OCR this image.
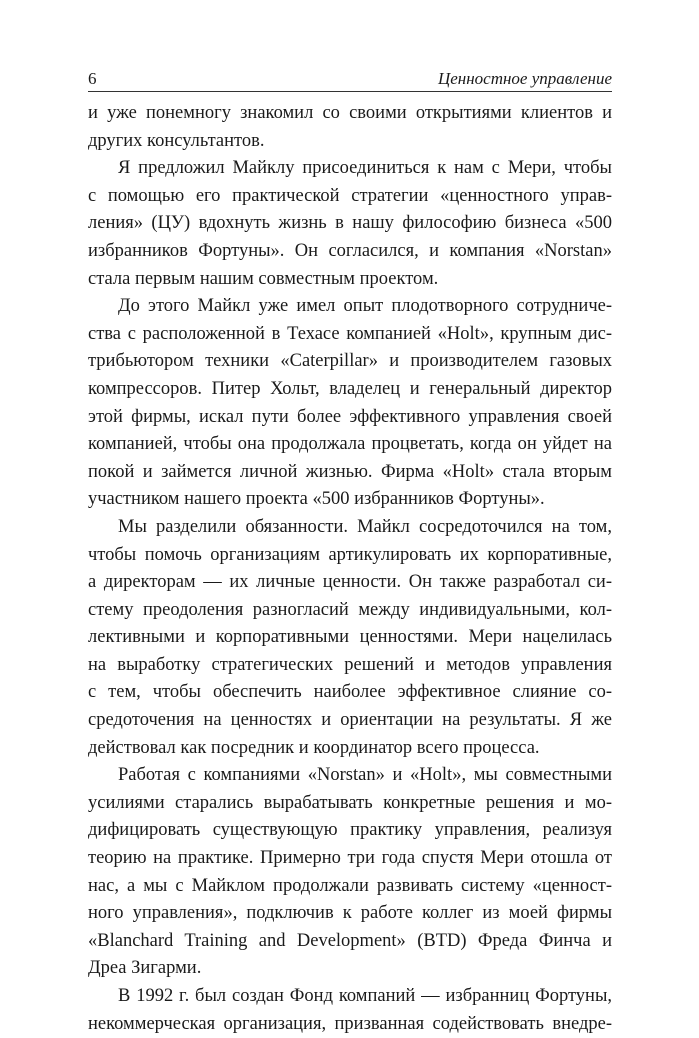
6	Ценностное управление
и уже понемногу знакомил со своими открытиями клиентов и
других консультантов.
Я предложил Майклу присоединиться к нам с Мери, чтобы
с помощью его практической стратегии «ценностного управ-
ления» (ЦУ) вдохнуть жизнь в нашу философию бизнеса «500
избранников Фортуны». Он согласился, и компания «Norstan»
стала первым нашим совместным проектом.
До этого Майкл уже имел опыт плодотворного сотрудниче-
ства с расположенной в Техасе компанией «Holt», крупным дис-
трибьютором техники «Caterpillar» и производителем газовых
компрессоров. Питер Хольт, владелец и генеральный директор
этой фирмы, искал пути более эффективного управления своей
компанией, чтобы она продолжала процветать, когда он уйдет на
покой и займется личной жизнью. Фирма «Holt» стала вторым
участником нашего проекта «500 избранников Фортуны».
Мы разделили обязанности. Майкл сосредоточился на том,
чтобы помочь организациям артикулировать их корпоративные,
а директорам — их личные ценности. Он также разработал си-
стему преодоления разногласий между индивидуальными, кол-
лективными и корпоративными ценностями. Мери нацелилась
на выработку стратегических решений и методов управления
с тем, чтобы обеспечить наиболее эффективное слияние со-
средоточения на ценностях и ориентации на результаты. Я же
действовал как посредник и координатор всего процесса.
Работая с компаниями «Norstan» и «Holt», мы совместными
усилиями старались вырабатывать конкретные решения и мо-
дифицировать существующую практику управления, реализуя
теорию на практике. Примерно три года спустя Мери отошла от
нас, а мы с Майклом продолжали развивать систему «ценност-
ного управления», подключив к работе коллег из моей фирмы
«Blanchard Training and Development» (BTD) Фреда Финча и
Дреа Зигарми.
В 1992 г. был создан Фонд компаний — избранниц Фортуны,
некоммерческая организация, призванная содействовать внедре-
